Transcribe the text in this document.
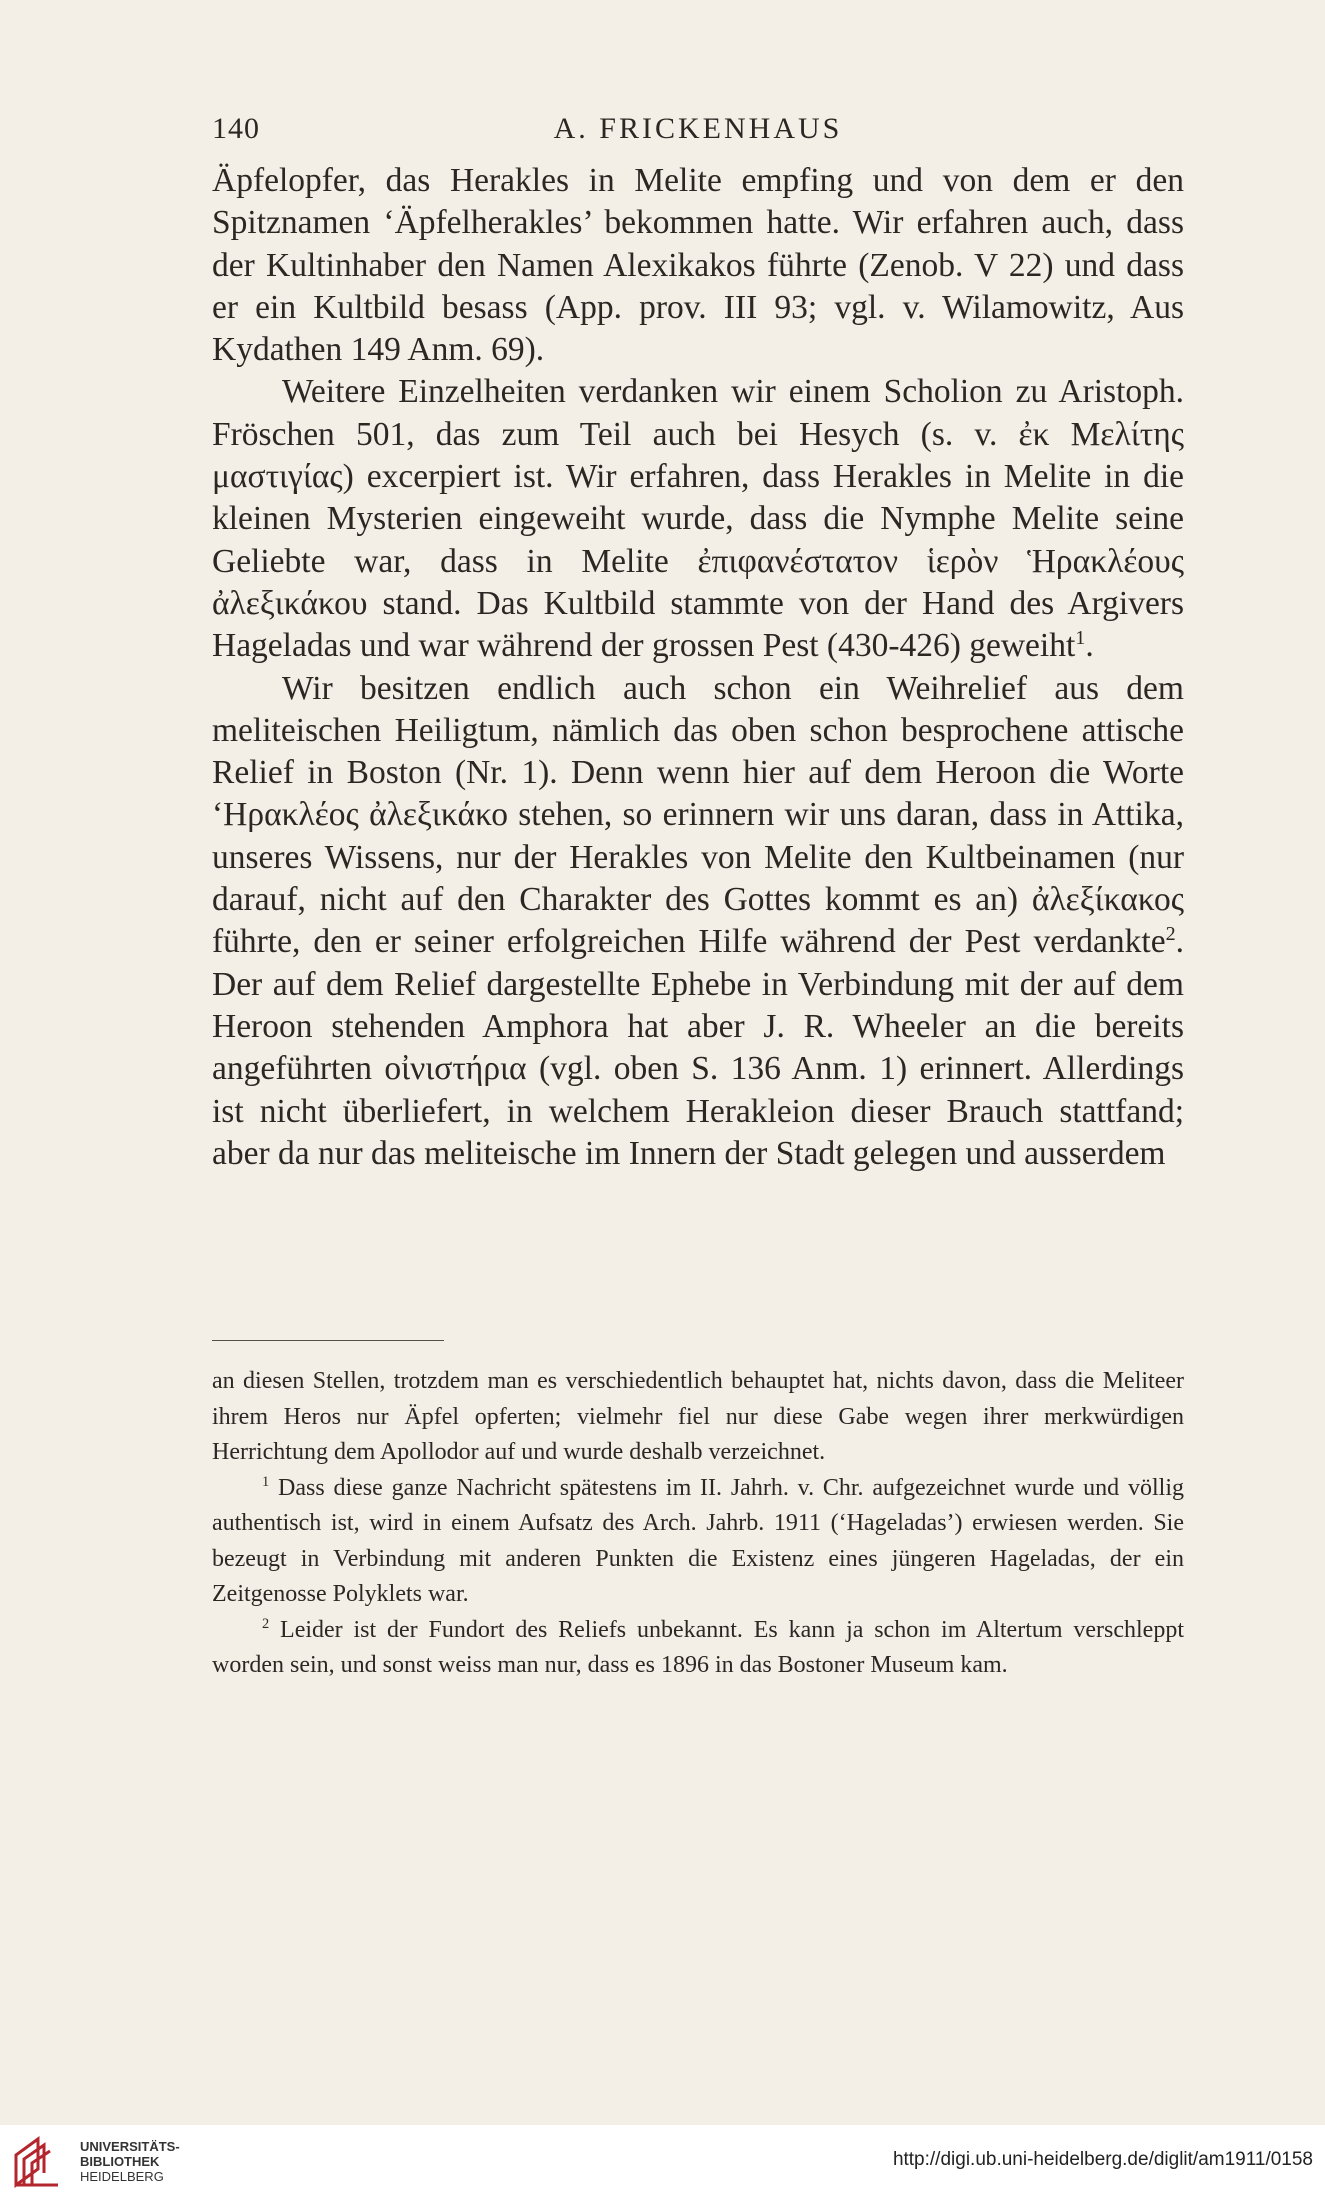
140	A. FRICKENHAUS

Äpfelopfer, das Herakles in Melite empfing und von dem er den Spitznamen ‘Äpfelherakles’ bekommen hatte. Wir erfahren auch, dass der Kultinhaber den Namen Alexikakos führte (Zenob. V 22) und dass er ein Kultbild besass (App. prov. III 93; vgl. v. Wilamowitz, Aus Kydathen 149 Anm. 69).

Weitere Einzelheiten verdanken wir einem Scholion zu Aristoph. Fröschen 501, das zum Teil auch bei Hesych (s. v. ἐκ Μελίτης μαστιγίας) excerpiert ist. Wir erfahren, dass Herakles in Melite in die kleinen Mysterien eingeweiht wurde, dass die Nymphe Melite seine Geliebte war, dass in Melite ἐπιφανέστατον ἱερὸν Ἡρακλέους ἀλεξικάκου stand. Das Kultbild stammte von der Hand des Argivers Hageladas und war während der grossen Pest (430-426) geweiht$^1$.

Wir besitzen endlich auch schon ein Weihrelief aus dem meliteischen Heiligtum, nämlich das oben schon besprochene attische Relief in Boston (Nr. 1). Denn wenn hier auf dem Heroon die Worte ‘Ηρακλέος ἀλεξικάκο stehen, so erinnern wir uns daran, dass in Attika, unseres Wissens, nur der Herakles von Melite den Kultbeinamen (nur darauf, nicht auf den Charakter des Gottes kommt es an) ἀλεξίκακος führte, den er seiner erfolgreichen Hilfe während der Pest verdankte$^2$. Der auf dem Relief dargestellte Ephebe in Verbindung mit der auf dem Heroon stehenden Amphora hat aber J. R. Wheeler an die bereits angeführten οἰνιστήρια (vgl. oben S. 136 Anm. 1) erinnert. Allerdings ist nicht überliefert, in welchem Herakleion dieser Brauch stattfand; aber da nur das meliteische im Innern der Stadt gelegen und ausserdem

an diesen Stellen, trotzdem man es verschiedentlich behauptet hat, nichts davon, dass die Meliteer ihrem Heros nur Äpfel opferten; vielmehr fiel nur diese Gabe wegen ihrer merkwürdigen Herrichtung dem Apollodor auf und wurde deshalb verzeichnet.

$^1$ Dass diese ganze Nachricht spätestens im II. Jahrh. v. Chr. aufgezeichnet wurde und völlig authentisch ist, wird in einem Aufsatz des Arch. Jahrb. 1911 (‘Hageladas’) erwiesen werden. Sie bezeugt in Verbindung mit anderen Punkten die Existenz eines jüngeren Hageladas, der ein Zeitgenosse Polyklets war.

$^2$ Leider ist der Fundort des Reliefs unbekannt. Es kann ja schon im Altertum verschleppt worden sein, und sonst weiss man nur, dass es 1896 in das Bostoner Museum kam.

UNIVERSITÄTS-
BIBLIOTHEK
HEIDELBERG
http://digi.ub.uni-heidelberg.de/diglit/am1911/0158
